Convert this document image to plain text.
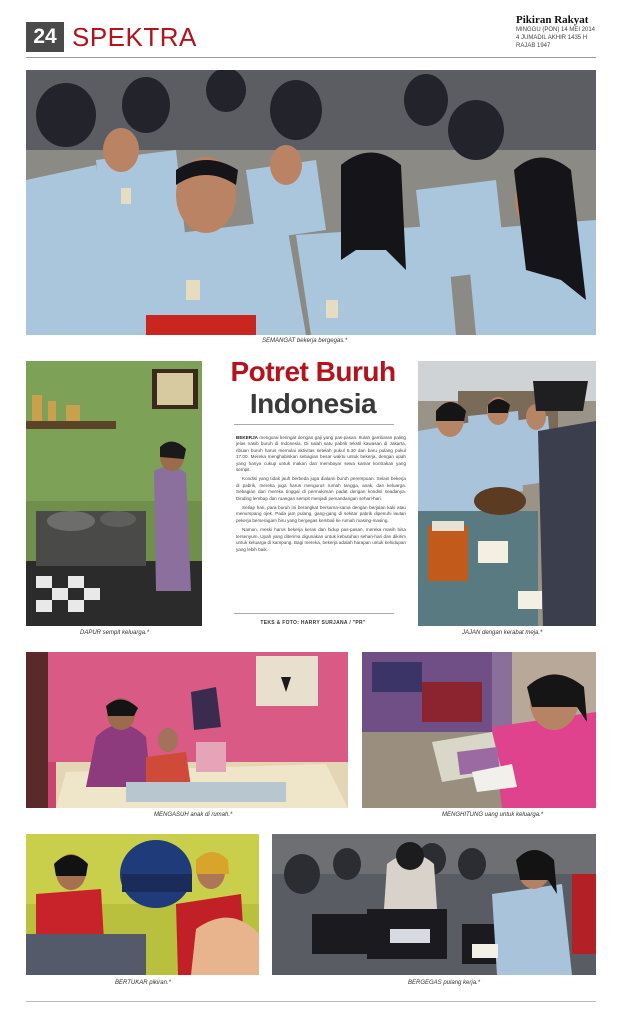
24 SPEKTRA
Pikiran Rakyat
MINGGU (PON) 14 MEI 2014
4 JUMADIL AKHIR 1435 H
RAJAB 1947
SEMANGAT bekerja bergegas.*
DAPUR sempit keluarga.*
Potret Buruh
Indonesia

BEKERJA mengurai keringat dengan gaji yang pas-pasan. Itulah gambaran paling jelas nasib buruh di Indonesia. Di salah satu pabrik tekstil kawasan di Jakarta, ribuan buruh harus memulai aktivitas setelah pukul 6.30 dan baru pulang pukul 17.00. Mereka menghabiskan sebagian besar waktu untuk bekerja, dengan upah yang hanya cukup untuk makan dan membayar sewa kamar kontrakan yang sempit.

Kondisi yang tidak jauh berbeda juga dialami buruh perempuan. Selain bekerja di pabrik, mereka juga harus mengurus rumah tangga, anak, dan keluarga. Sebagian dari mereka tinggal di permukiman padat dengan kondisi seadanya. Dinding lembap dan ruangan sempit menjadi pemandangan sehari-hari.

Setiap hari, para buruh ini berangkat bersama-sama dengan berjalan kaki atau menumpang ojek. Pada jam pulang, gang-gang di sekitar pabrik dipenuhi lautan pekerja berseragam biru yang bergegas kembali ke rumah masing-masing.

Namun, meski harus bekerja keras dan hidup pas-pasan, mereka masih bisa tersenyum. Upah yang diterima digunakan untuk kebutuhan sehari-hari dan dikirim untuk keluarga di kampung. Bagi mereka, bekerja adalah harapan untuk kehidupan yang lebih baik.

TEKS & FOTO: HARRY SURJANA / "PR"
JAJAN dengan kerabat meja.*
MENGASUH anak di rumah.*	MENGHITUNG uang untuk keluarga.*
BERTUKAR pikiran.*	BERGEGAS pulang kerja.*
